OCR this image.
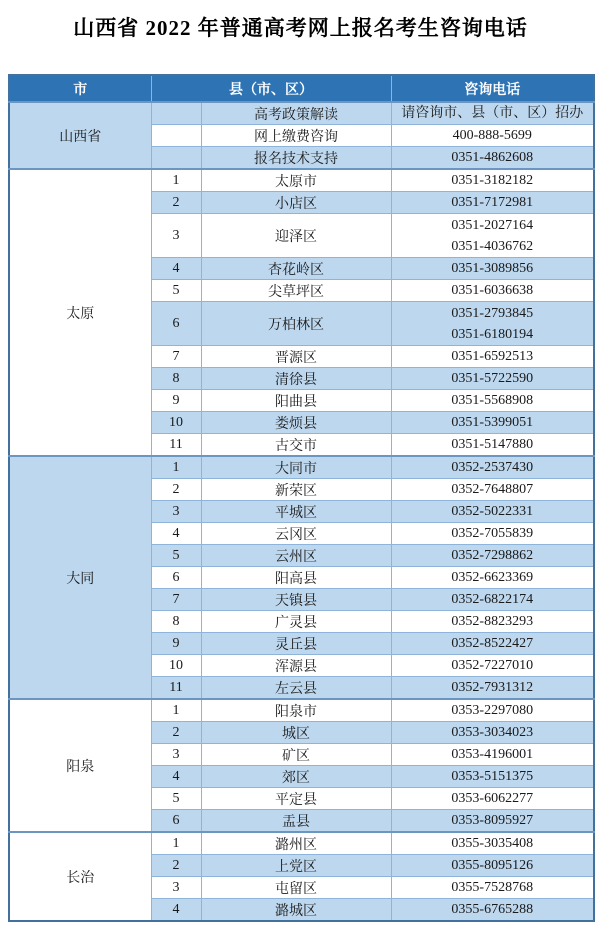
山西省 2022 年普通高考网上报名考生咨询电话
市	县（市、区）		咨询电话
山西省		高考政策解读	请咨询市、县（市、区）招办

		网上缴费咨询	400-888-5699

		报名技术支持	0351-4862608

太原	1	太原市	0351-3182182

	2	小店区	0351-7172981

	3	迎泽区	0351-2027164
0351-4036762

	4	杏花岭区	0351-3089856

	5	尖草坪区	0351-6036638

	6	万柏林区	0351-2793845
0351-6180194

	7	晋源区	0351-6592513

	8	清徐县	0351-5722590

	9	阳曲县	0351-5568908

	10	娄烦县	0351-5399051

	11	古交市	0351-5147880

大同	1	大同市	0352-2537430

	2	新荣区	0352-7648807

	3	平城区	0352-5022331

	4	云冈区	0352-7055839

	5	云州区	0352-7298862

	6	阳高县	0352-6623369

	7	天镇县	0352-6822174

	8	广灵县	0352-8823293

	9	灵丘县	0352-8522427

	10	浑源县	0352-7227010

	11	左云县	0352-7931312

阳泉	1	阳泉市	0353-2297080

	2	城区	0353-3034023

	3	矿区	0353-4196001

	4	郊区	0353-5151375

	5	平定县	0353-6062277

	6	盂县	0353-8095927

长治	1	潞州区	0355-3035408

	2	上党区	0355-8095126

	3	屯留区	0355-7528768

	4	潞城区	0355-6765288
